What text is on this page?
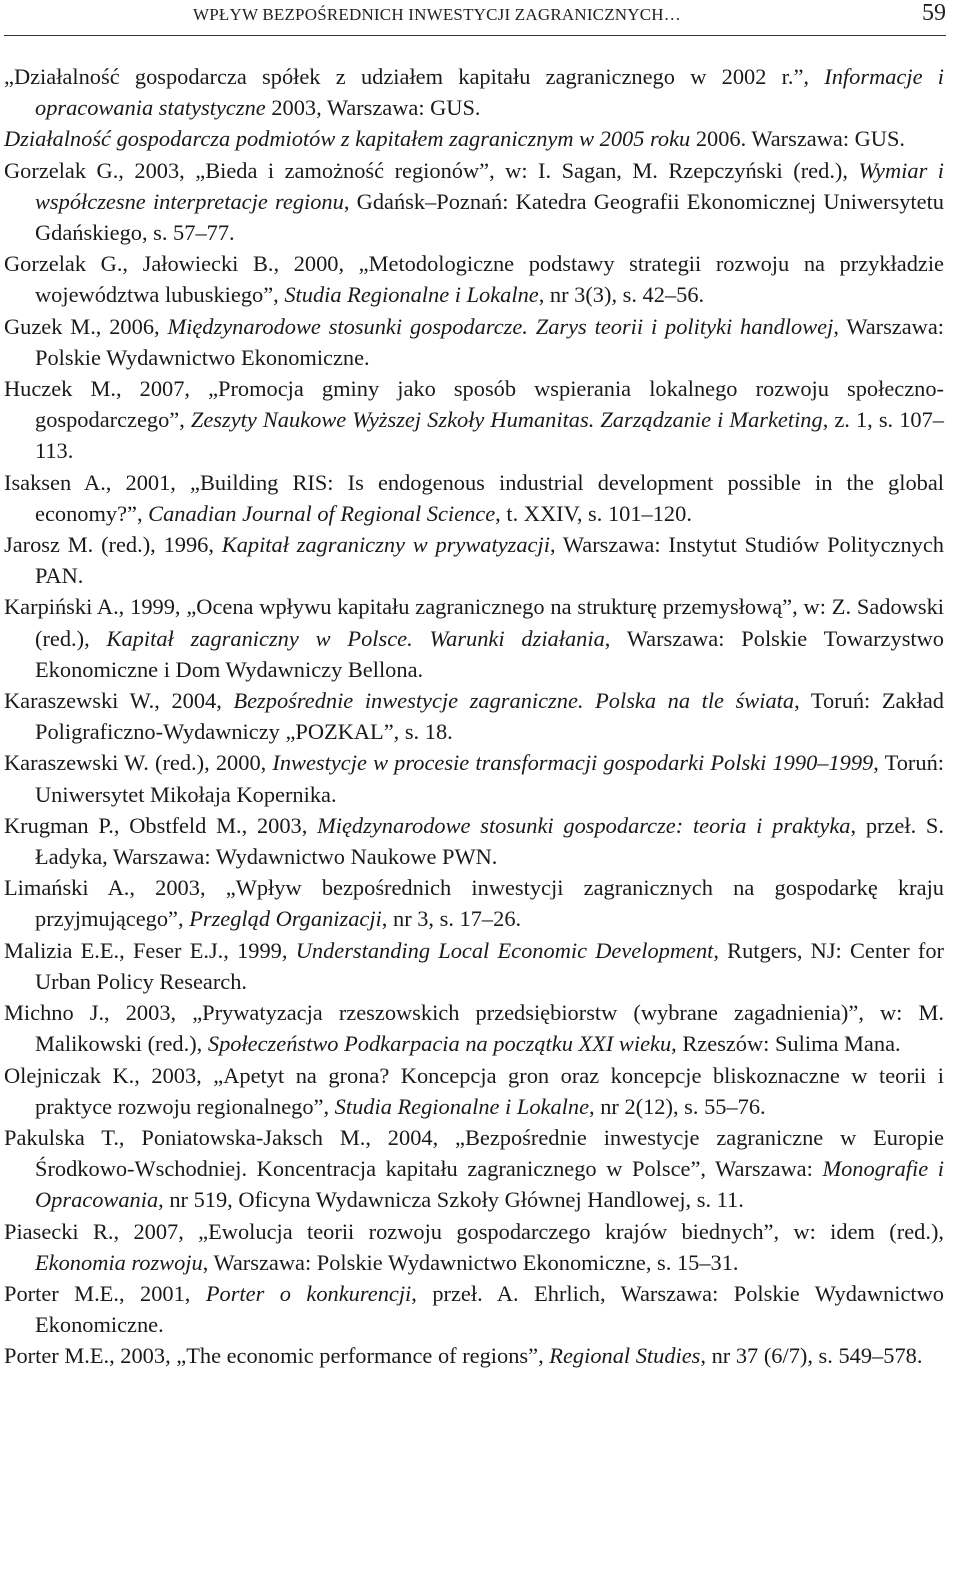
WPŁYW BEZPOŚREDNICH INWESTYCJI ZAGRANICZNYCH…	59
„Działalność gospodarcza spółek z udziałem kapitału zagranicznego w 2002 r.”, Informacje i opracowania statystyczne 2003, Warszawa: GUS.
Działalność gospodarcza podmiotów z kapitałem zagranicznym w 2005 roku 2006. Warszawa: GUS.
Gorzelak G., 2003, „Bieda i zamożność regionów”, w: I. Sagan, M. Rzepczyński (red.), Wymiar i współczesne interpretacje regionu, Gdańsk–Poznań: Katedra Geografii Ekonomicznej Uniwersytetu Gdańskiego, s. 57–77.
Gorzelak G., Jałowiecki B., 2000, „Metodologiczne podstawy strategii rozwoju na przykładzie województwa lubuskiego”, Studia Regionalne i Lokalne, nr 3(3), s. 42–56.
Guzek M., 2006, Międzynarodowe stosunki gospodarcze. Zarys teorii i polityki handlowej, Warszawa: Polskie Wydawnictwo Ekonomiczne.
Huczek M., 2007, „Promocja gminy jako sposób wspierania lokalnego rozwoju społeczno-gospodarczego”, Zeszyty Naukowe Wyższej Szkoły Humanitas. Zarządzanie i Marketing, z. 1, s. 107–113.
Isaksen A., 2001, „Building RIS: Is endogenous industrial development possible in the global economy?”, Canadian Journal of Regional Science, t. XXIV, s. 101–120.
Jarosz M. (red.), 1996, Kapitał zagraniczny w prywatyzacji, Warszawa: Instytut Studiów Politycznych PAN.
Karpiński A., 1999, „Ocena wpływu kapitału zagranicznego na strukturę przemysłową”, w: Z. Sadowski (red.), Kapitał zagraniczny w Polsce. Warunki działania, Warszawa: Polskie Towarzystwo Ekonomiczne i Dom Wydawniczy Bellona.
Karaszewski W., 2004, Bezpośrednie inwestycje zagraniczne. Polska na tle świata, Toruń: Zakład Poligraficzno-Wydawniczy „POZKAL”, s. 18.
Karaszewski W. (red.), 2000, Inwestycje w procesie transformacji gospodarki Polski 1990–1999, Toruń: Uniwersytet Mikołaja Kopernika.
Krugman P., Obstfeld M., 2003, Międzynarodowe stosunki gospodarcze: teoria i praktyka, przeł. S. Ładyka, Warszawa: Wydawnictwo Naukowe PWN.
Limański A., 2003, „Wpływ bezpośrednich inwestycji zagranicznych na gospodarkę kraju przyjmującego”, Przegląd Organizacji, nr 3, s. 17–26.
Malizia E.E., Feser E.J., 1999, Understanding Local Economic Development, Rutgers, NJ: Center for Urban Policy Research.
Michno J., 2003, „Prywatyzacja rzeszowskich przedsiębiorstw (wybrane zagadnienia)”, w: M. Malikowski (red.), Społeczeństwo Podkarpacia na początku XXI wieku, Rzeszów: Sulima Mana.
Olejniczak K., 2003, „Apetyt na grona? Koncepcja gron oraz koncepcje bliskoznaczne w teorii i praktyce rozwoju regionalnego”, Studia Regionalne i Lokalne, nr 2(12), s. 55–76.
Pakulska T., Poniatowska-Jaksch M., 2004, „Bezpośrednie inwestycje zagraniczne w Europie Środkowo-Wschodniej. Koncentracja kapitału zagranicznego w Polsce”, Warszawa: Monografie i Opracowania, nr 519, Oficyna Wydawnicza Szkoły Głównej Handlowej, s. 11.
Piasecki R., 2007, „Ewolucja teorii rozwoju gospodarczego krajów biednych”, w: idem (red.), Ekonomia rozwoju, Warszawa: Polskie Wydawnictwo Ekonomiczne, s. 15–31.
Porter M.E., 2001, Porter o konkurencji, przeł. A. Ehrlich, Warszawa: Polskie Wydawnictwo Ekonomiczne.
Porter M.E., 2003, „The economic performance of regions”, Regional Studies, nr 37 (6/7), s. 549–578.
